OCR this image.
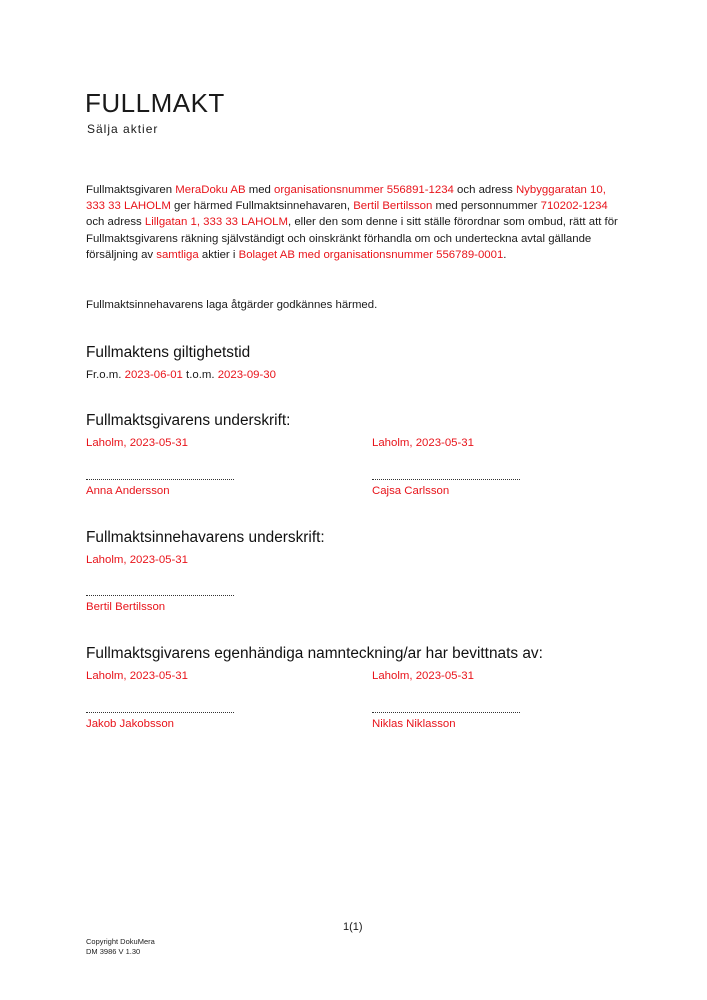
FULLMAKT
Sälja aktier

Fullmaktsgivaren MeraDoku AB med organisationsnummer 556891-1234 och adress Nybyggaratan 10, 333 33 LAHOLM ger härmed Fullmaktsinnehavaren, Bertil Bertilsson med personnummer 710202-1234 och adress Lillgatan 1, 333 33 LAHOLM, eller den som denne i sitt ställe förordnar som ombud, rätt att för Fullmaktsgivarens räkning självständigt och oinskränkt förhandla om och underteckna avtal gällande försäljning av samtliga aktier i Bolaget AB med organisationsnummer 556789-0001.

Fullmaktsinnehavarens laga åtgärder godkännes härmed.

Fullmaktens giltighetstid
Fr.o.m. 2023-06-01 t.o.m. 2023-09-30
Fullmaktsgivarens underskrift:
Laholm, 2023-05-31	Laholm, 2023-05-31
Anna Andersson	Cajsa Carlsson
Fullmaktsinnehavarens underskrift:
Laholm, 2023-05-31
Bertil Bertilsson
Fullmaktsgivarens egenhändiga namnteckning/ar har bevittnats av:
Laholm, 2023-05-31	Laholm, 2023-05-31
Jakob Jakobsson	Niklas Niklasson
1(1)
Copyright DokuMera
DM 3986 V 1.30
